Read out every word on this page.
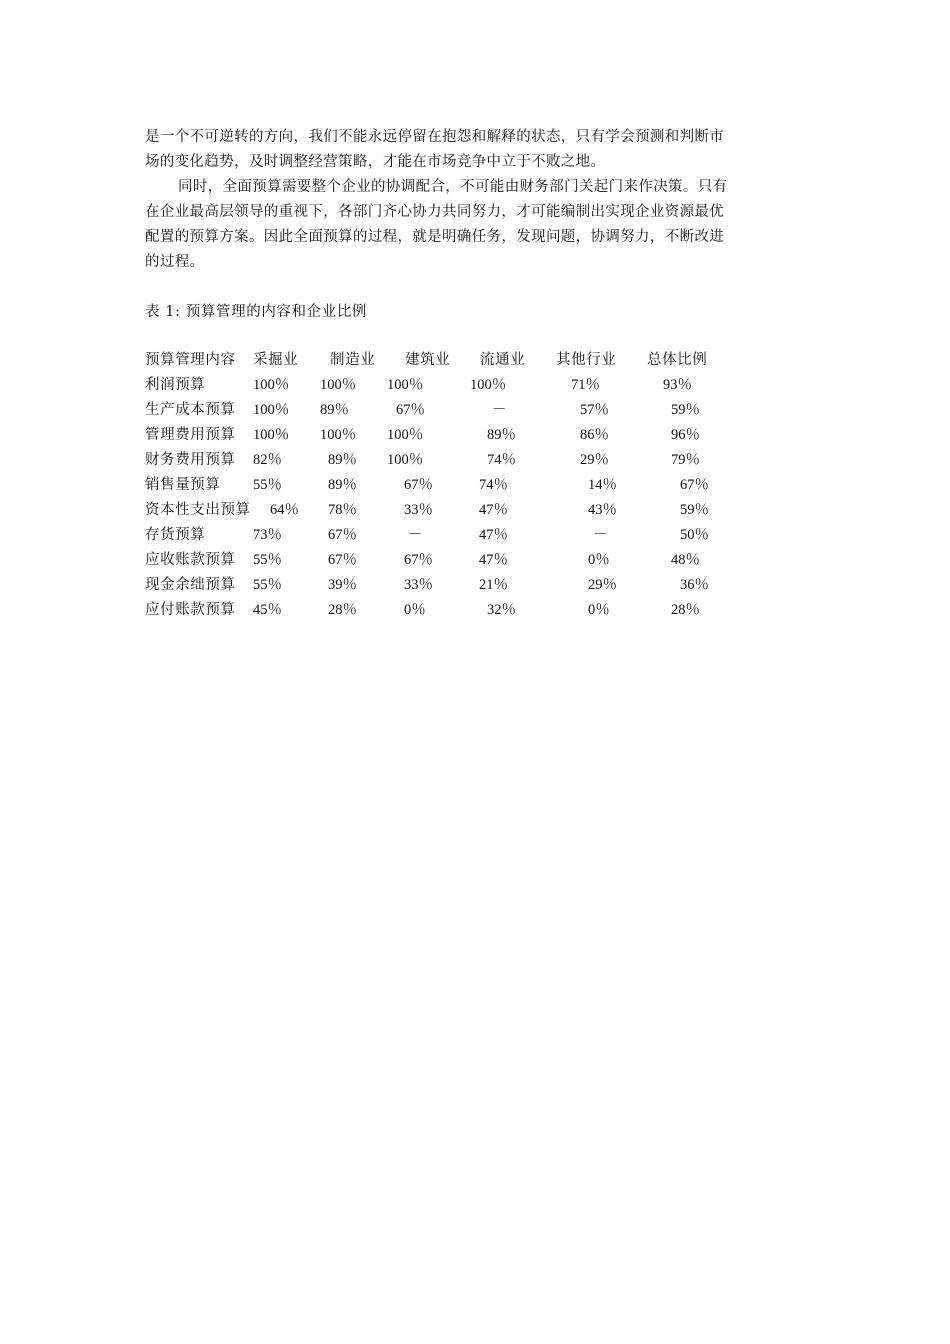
是一个不可逆转的方向，我们不能永远停留在抱怨和解释的状态，只有学会预测和判断市
场的变化趋势，及时调整经营策略，才能在市场竞争中立于不败之地。
同时，全面预算需要整个企业的协调配合，不可能由财务部门关起门来作决策。只有
在企业最高层领导的重视下，各部门齐心协力共同努力，才可能编制出实现企业资源最优
配置的预算方案。因此全面预算的过程，就是明确任务，发现问题，协调努力，不断改进
的过程。
表 1: 预算管理的内容和企业比例
预算管理内容 采掘业 制造业 建筑业 流通业 其他行业 总体比例
利润预算	100％ 100％ 100％	100％	71％	93％
生产成本预算 100％ 89％	67％	－	57％	59％
管理费用预算 100％ 100％ 100％	89％	86％	96％
财务费用预算 82％	89％ 100％	74％	29％	79％
销售量预算 55％	89％	67％	74％	14％	67％
资本性支出预算 64％ 78％	33％	47％	43％	59％
存货预算	73％	67％	－	47％	－	50％
应收账款预算 55％	67％	67％	47％	0％	48％
现金余绌预算 55％	39％	33％	21％	29％	36％
应付账款预算 45％	28％	0％	32％	0％	28％
